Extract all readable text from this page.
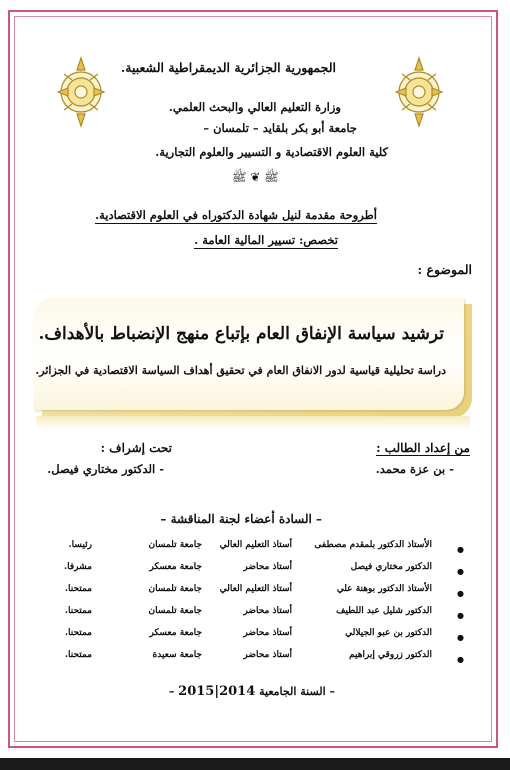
الجمهورية الجزائرية الديمقراطية الشعبية.
وزارة التعليم العالي والبحث العلمي.
جامعة أبو بكر بلقايد – تلمسان –
كلية العلوم الاقتصادية و التسيير والعلوم التجارية.
ﷺ ❦ ﷺ
أطروحة مقدمة لنيل شهادة الدكتوراه في العلوم الاقتصادية.
تخصص: تسيير المالية العامة .
الموضوع :
ترشيد سياسة الإنفاق العام بإتباع منهج الإنضباط بالأهداف.
دراسة تحليلية قياسية لدور الانفاق العام في تحقيق أهداف السياسة الاقتصادية في الجزائر.
من إعداد الطالب :
تحت إشراف :
- بن عزة محمد.
- الدكتور مختاري فيصل.
– السادة أعضاء لجنة المناقشة –
●
الأستاذ الدكتور بلمقدم مصطفى
أستاذ التعليم العالي
جامعة تلمسان
رئيسا.
●
الدكتور مختاري فيصل
أستاذ محاضر
جامعة معسكر
مشرفا.
●
الأستاذ الدكتور بوهنة علي
أستاذ التعليم العالي
جامعة تلمسان
ممتحنا.
●
الدكتور شليل عبد اللطيف
أستاذ محاضر
جامعة تلمسان
ممتحنا.
●
الدكتور بن عبو الجيلالي
أستاذ محاضر
جامعة معسكر
ممتحنا.
●
الدكتور زروقي إبراهيم
أستاذ محاضر
جامعة سعيدة
ممتحنا.
– السنة الجامعية 2014|2015 –
